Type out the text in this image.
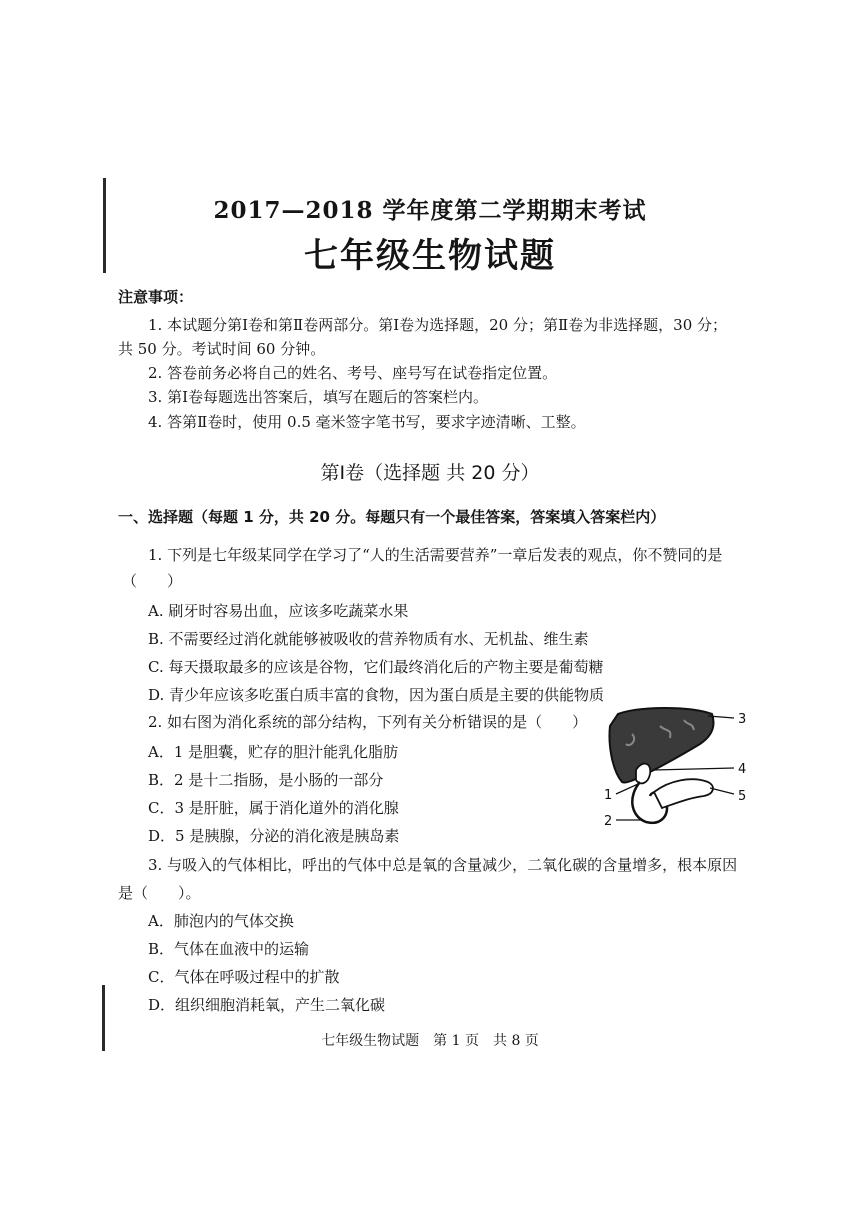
2017—2018 学年度第二学期期末考试
七年级生物试题
注意事项：
1. 本试题分第Ⅰ卷和第Ⅱ卷两部分。第Ⅰ卷为选择题，20 分；第Ⅱ卷为非选择题，30 分；
共 50 分。考试时间 60 分钟。
2. 答卷前务必将自己的姓名、考号、座号写在试卷指定位置。
3. 第Ⅰ卷每题选出答案后，填写在题后的答案栏内。
4. 答第Ⅱ卷时，使用 0.5 毫米签字笔书写，要求字迹清晰、工整。
第Ⅰ卷（选择题 共 20 分）
一、选择题（每题 1 分，共 20 分。每题只有一个最佳答案，答案填入答案栏内）
1. 下列是七年级某同学在学习了“人的生活需要营养”一章后发表的观点，你不赞同的是
（　　）
A. 刷牙时容易出血，应该多吃蔬菜水果
B. 不需要经过消化就能够被吸收的营养物质有水、无机盐、维生素
C. 每天摄取最多的应该是谷物，它们最终消化后的产物主要是葡萄糖
D. 青少年应该多吃蛋白质丰富的食物，因为蛋白质是主要的供能物质
2. 如右图为消化系统的部分结构，下列有关分析错误的是（　　）
A．1 是胆囊，贮存的胆汁能乳化脂肪
B．2 是十二指肠，是小肠的一部分
C．3 是肝脏，属于消化道外的消化腺
D．5 是胰腺，分泌的消化液是胰岛素
3
4
5
1
2
3. 与吸入的气体相比，呼出的气体中总是氧的含量减少，二氧化碳的含量增多，根本原因
是（　　）。
A．肺泡内的气体交换
B．气体在血液中的运输
C．气体在呼吸过程中的扩散
D．组织细胞消耗氧，产生二氧化碳
七年级生物试题　第 1 页　共 8 页
